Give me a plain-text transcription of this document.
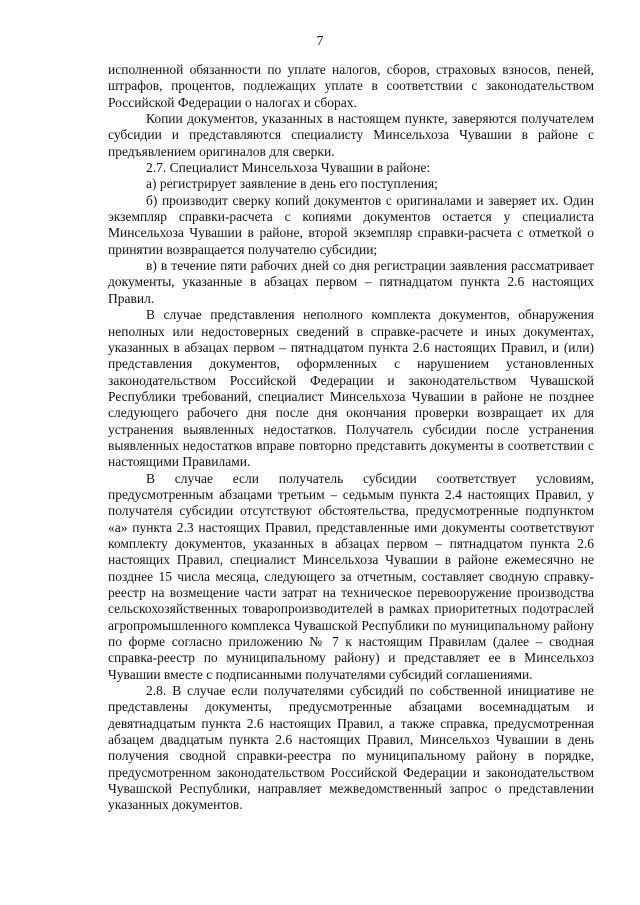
7

исполненной обязанности по уплате налогов, сборов, страховых взносов, пеней, штрафов, процентов, подлежащих уплате в соответствии с законодательством Российской Федерации о налогах и сборах.

Копии документов, указанных в настоящем пункте, заверяются получателем субсидии и представляются специалисту Минсельхоза Чувашии в районе с предъявлением оригиналов для сверки.

2.7. Специалист Минсельхоза Чувашии в районе:

а) регистрирует заявление в день его поступления;

б) производит сверку копий документов с оригиналами и заверяет их. Один экземпляр справки-расчета с копиями документов остается у специалиста Минсельхоза Чувашии в районе, второй экземпляр справки-расчета с отметкой о принятии возвращается получателю субсидии;

в) в течение пяти рабочих дней со дня регистрации заявления рассматривает документы, указанные в абзацах первом – пятнадцатом пункта 2.6 настоящих Правил.

В случае представления неполного комплекта документов, обнаружения неполных или недостоверных сведений в справке-расчете и иных документах, указанных в абзацах первом – пятнадцатом пункта 2.6 настоящих Правил, и (или) представления документов, оформленных с нарушением установленных законодательством Российской Федерации и законодательством Чувашской Республики требований, специалист Минсельхоза Чувашии в районе не позднее следующего рабочего дня после дня окончания проверки возвращает их для устранения выявленных недостатков. Получатель субсидии после устранения выявленных недостатков вправе повторно представить документы в соответствии с настоящими Правилами.

В случае если получатель субсидии соответствует условиям, предусмотренным абзацами третьим – седьмым пункта 2.4 настоящих Правил, у получателя субсидии отсутствуют обстоятельства, предусмотренные подпунктом «а» пункта 2.3 настоящих Правил, представленные ими документы соответствуют комплекту документов, указанных в абзацах первом – пятнадцатом пункта 2.6 настоящих Правил, специалист Минсельхоза Чувашии в районе ежемесячно не позднее 15 числа месяца, следующего за отчетным, составляет сводную справку-реестр на возмещение части затрат на техническое перевооружение производства сельскохозяйственных товаропроизводителей в рамках приоритетных подотраслей агропромышленного комплекса Чувашской Республики по муниципальному району по форме согласно приложению № 7 к настоящим Правилам (далее – сводная справка-реестр по муниципальному району) и представляет ее в Минсельхоз Чувашии вместе с подписанными получателями субсидий соглашениями.

2.8. В случае если получателями субсидий по собственной инициативе не представлены документы, предусмотренные абзацами восемнадцатым и девятнадцатым пункта 2.6 настоящих Правил, а также справка, предусмотренная абзацем двадцатым пункта 2.6 настоящих Правил, Минсельхоз Чувашии в день получения сводной справки-реестра по муниципальному району в порядке, предусмотренном законодательством Российской Федерации и законодательством Чувашской Республики, направляет межведомственный запрос о представлении указанных документов.
